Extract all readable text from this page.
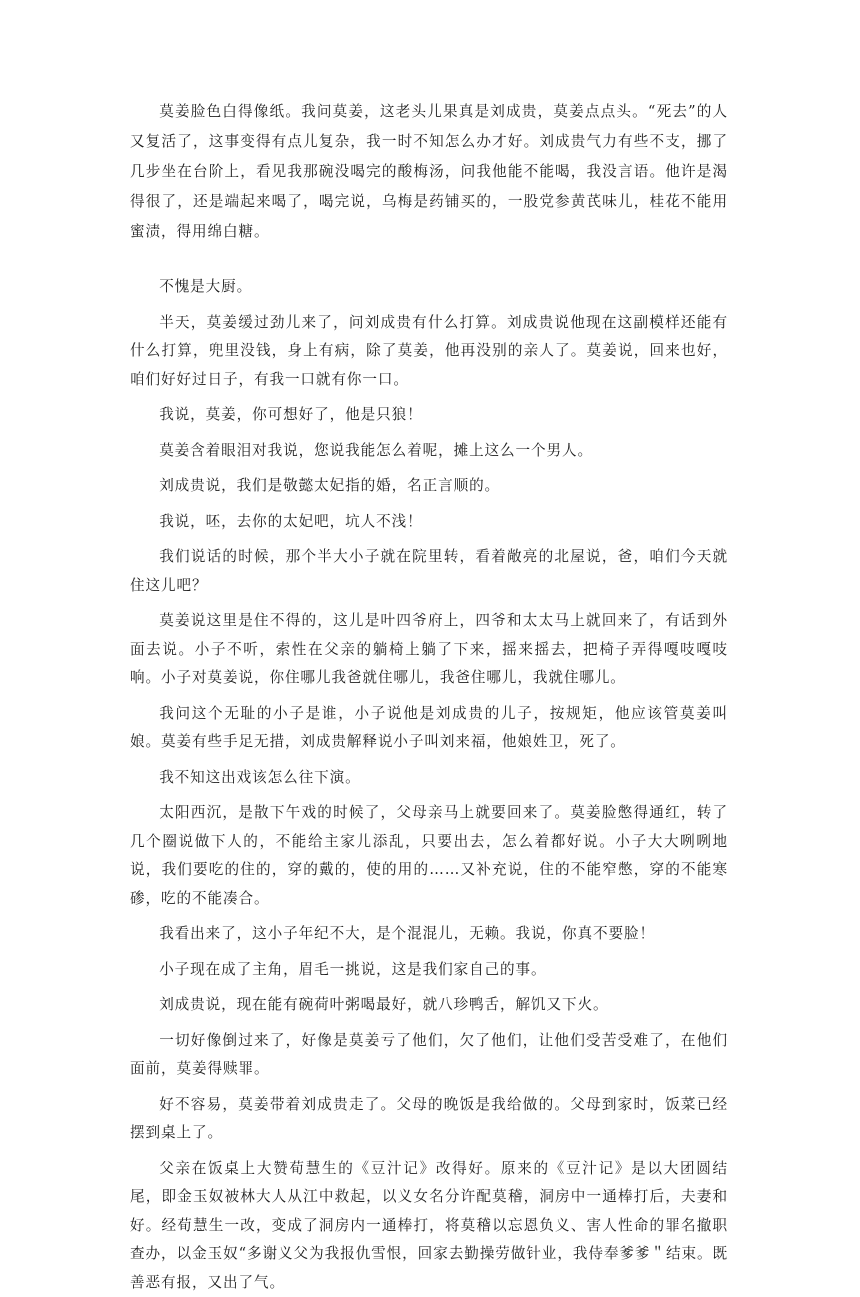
莫姜脸色白得像纸。我问莫姜，这老头儿果真是刘成贵，莫姜点点头。“死去”的人又复活了，这事变得有点儿复杂，我一时不知怎么办才好。刘成贵气力有些不支，挪了几步坐在台阶上，看见我那碗没喝完的酸梅汤，问我他能不能喝，我没言语。他许是渴得很了，还是端起来喝了，喝完说，乌梅是药铺买的，一股党参黄芪味儿，桂花不能用蜜渍，得用绵白糖。

不愧是大厨。

半天，莫姜缓过劲儿来了，问刘成贵有什么打算。刘成贵说他现在这副模样还能有什么打算，兜里没钱，身上有病，除了莫姜，他再没别的亲人了。莫姜说，回来也好，咱们好好过日子，有我一口就有你一口。

我说，莫姜，你可想好了，他是只狼！

莫姜含着眼泪对我说，您说我能怎么着呢，摊上这么一个男人。

刘成贵说，我们是敬懿太妃指的婚，名正言顺的。

我说，呸，去你的太妃吧，坑人不浅！

我们说话的时候，那个半大小子就在院里转，看着敞亮的北屋说，爸，咱们今天就住这儿吧？

莫姜说这里是住不得的，这儿是叶四爷府上，四爷和太太马上就回来了，有话到外面去说。小子不听，索性在父亲的躺椅上躺了下来，摇来摇去，把椅子弄得嘎吱嘎吱响。小子对莫姜说，你住哪儿我爸就住哪儿，我爸住哪儿，我就住哪儿。

我问这个无耻的小子是谁，小子说他是刘成贵的儿子，按规矩，他应该管莫姜叫娘。莫姜有些手足无措，刘成贵解释说小子叫刘来福，他娘姓卫，死了。

我不知这出戏该怎么往下演。

太阳西沉，是散下午戏的时候了，父母亲马上就要回来了。莫姜脸憋得通红，转了几个圈说做下人的，不能给主家儿添乱，只要出去，怎么着都好说。小子大大咧咧地说，我们要吃的住的，穿的戴的，使的用的……又补充说，住的不能窄憋，穿的不能寒碜，吃的不能凑合。

我看出来了，这小子年纪不大，是个混混儿，无赖。我说，你真不要脸！

小子现在成了主角，眉毛一挑说，这是我们家自己的事。

刘成贵说，现在能有碗荷叶粥喝最好，就八珍鸭舌，解饥又下火。

一切好像倒过来了，好像是莫姜亏了他们，欠了他们，让他们受苦受难了，在他们面前，莫姜得赎罪。

好不容易，莫姜带着刘成贵走了。父母的晚饭是我给做的。父母到家时，饭菜已经摆到桌上了。

父亲在饭桌上大赞荀慧生的《豆汁记》改得好。原来的《豆汁记》是以大团圆结尾，即金玉奴被林大人从江中救起，以义女名分许配莫稽，洞房中一通棒打后，夫妻和好。经荀慧生一改，变成了洞房内一通棒打，将莫稽以忘恩负义、害人性命的罪名撤职查办，以金玉奴“多谢义父为我报仇雪恨，回家去勤操劳做针业，我侍奉爹爹＂结束。既善恶有报，又出了气。
